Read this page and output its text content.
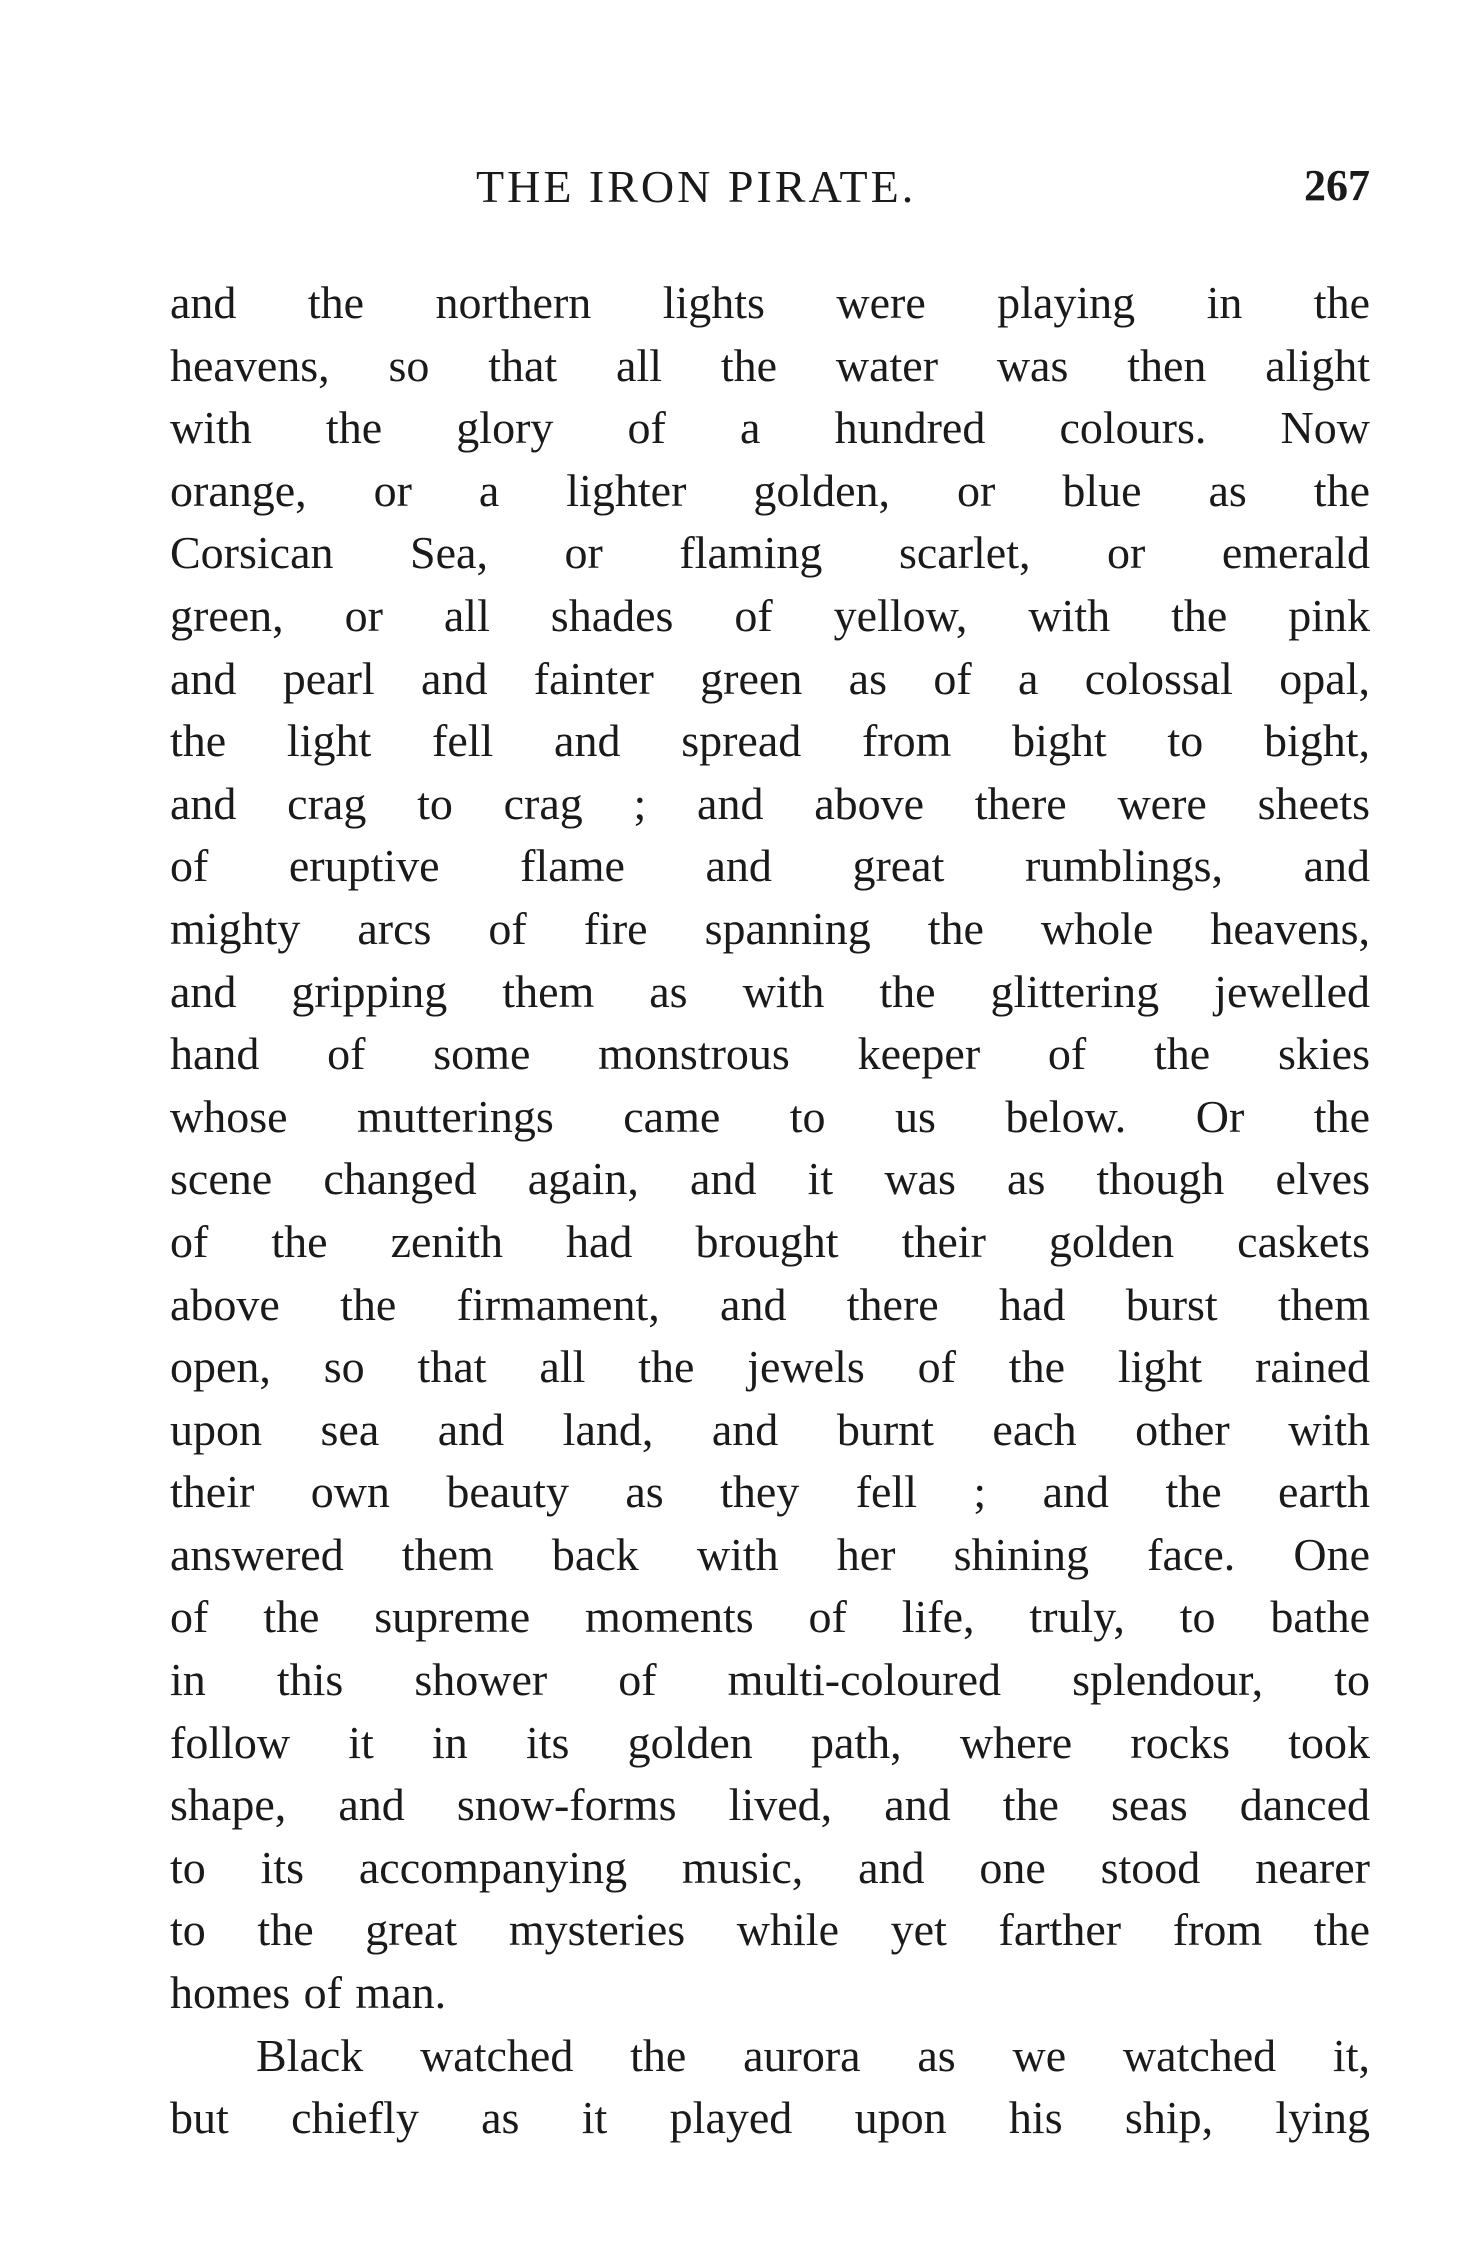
THE IRON PIRATE.	267
and the northern lights were playing in the
heavens, so that all the water was then alight
with the glory of a hundred colours. Now
orange, or a lighter golden, or blue as the
Corsican Sea, or flaming scarlet, or emerald
green, or all shades of yellow, with the pink
and pearl and fainter green as of a colossal opal,
the light fell and spread from bight to bight,
and crag to crag ; and above there were sheets
of eruptive flame and great rumblings, and
mighty arcs of fire spanning the whole heavens,
and gripping them as with the glittering jewelled
hand of some monstrous keeper of the skies
whose mutterings came to us below. Or the
scene changed again, and it was as though elves
of the zenith had brought their golden caskets
above the firmament, and there had burst them
open, so that all the jewels of the light rained
upon sea and land, and burnt each other with
their own beauty as they fell ; and the earth
answered them back with her shining face. One
of the supreme moments of life, truly, to bathe
in this shower of multi-coloured splendour, to
follow it in its golden path, where rocks took
shape, and snow-forms lived, and the seas danced
to its accompanying music, and one stood nearer
to the great mysteries while yet farther from the
homes of man.
Black watched the aurora as we watched it,
but chiefly as it played upon his ship, lying
